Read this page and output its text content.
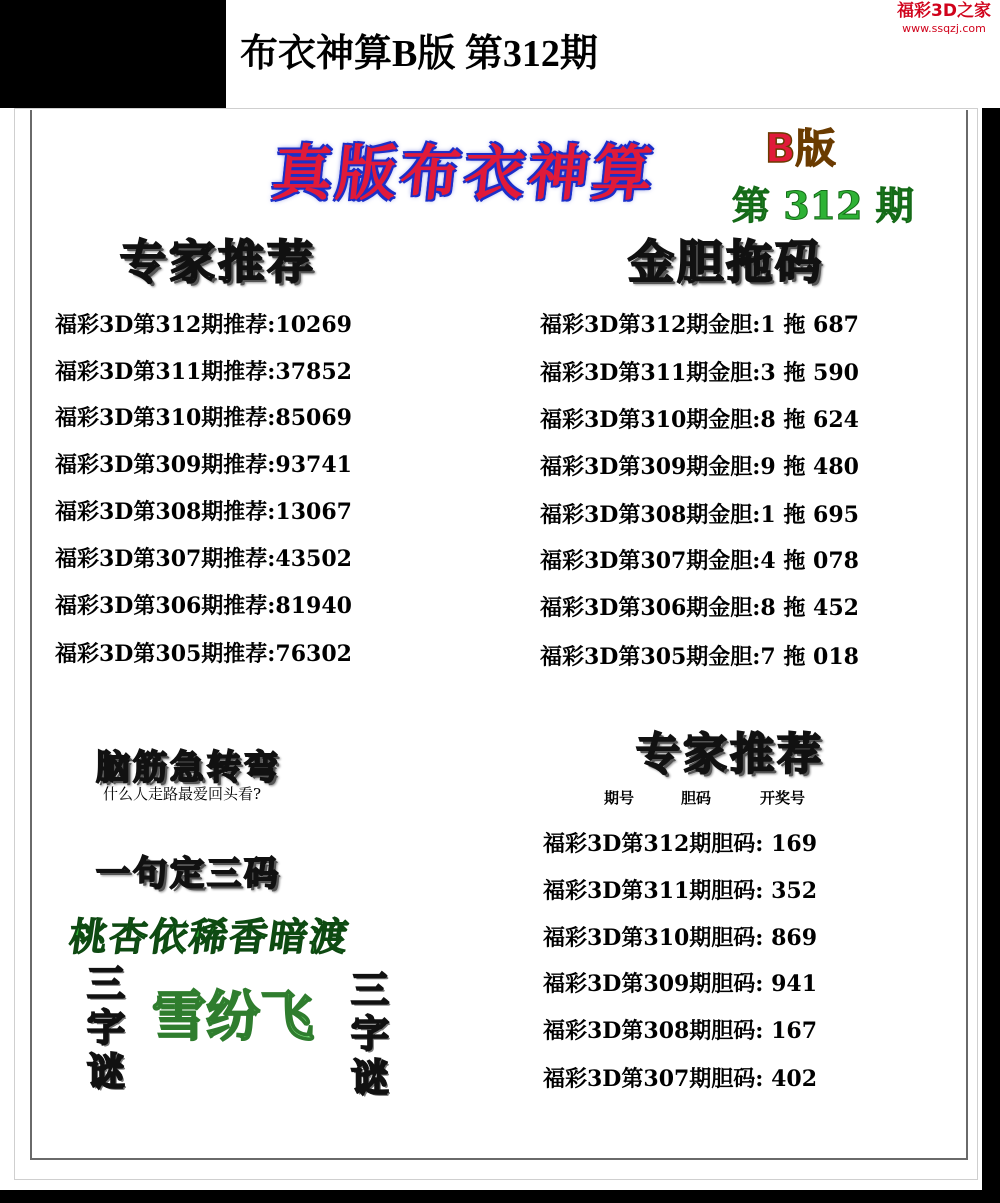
布衣神算B版 第312期
福彩3D之家
www.ssqzj.com
真版布衣神算	B版
第 312 期
专家推荐	金胆拖码
福彩3D第312期推荐:10269
福彩3D第311期推荐:37852
福彩3D第310期推荐:85069
福彩3D第309期推荐:93741
福彩3D第308期推荐:13067
福彩3D第307期推荐:43502
福彩3D第306期推荐:81940
福彩3D第305期推荐:76302
福彩3D第312期金胆:1 拖 687
福彩3D第311期金胆:3 拖 590
福彩3D第310期金胆:8 拖 624
福彩3D第309期金胆:9 拖 480
福彩3D第308期金胆:1 拖 695
福彩3D第307期金胆:4 拖 078
福彩3D第306期金胆:8 拖 452
福彩3D第305期金胆:7 拖 018
脑筋急转弯
什么人走路最爱回头看?
一句定三码
桃杏依稀香暗渡
三
字
谜
雪纷飞 三
字
谜
专家推荐
期号	胆码	开奖号
福彩3D第312期胆码: 169
福彩3D第311期胆码: 352
福彩3D第310期胆码: 869
福彩3D第309期胆码: 941
福彩3D第308期胆码: 167
福彩3D第307期胆码: 402
